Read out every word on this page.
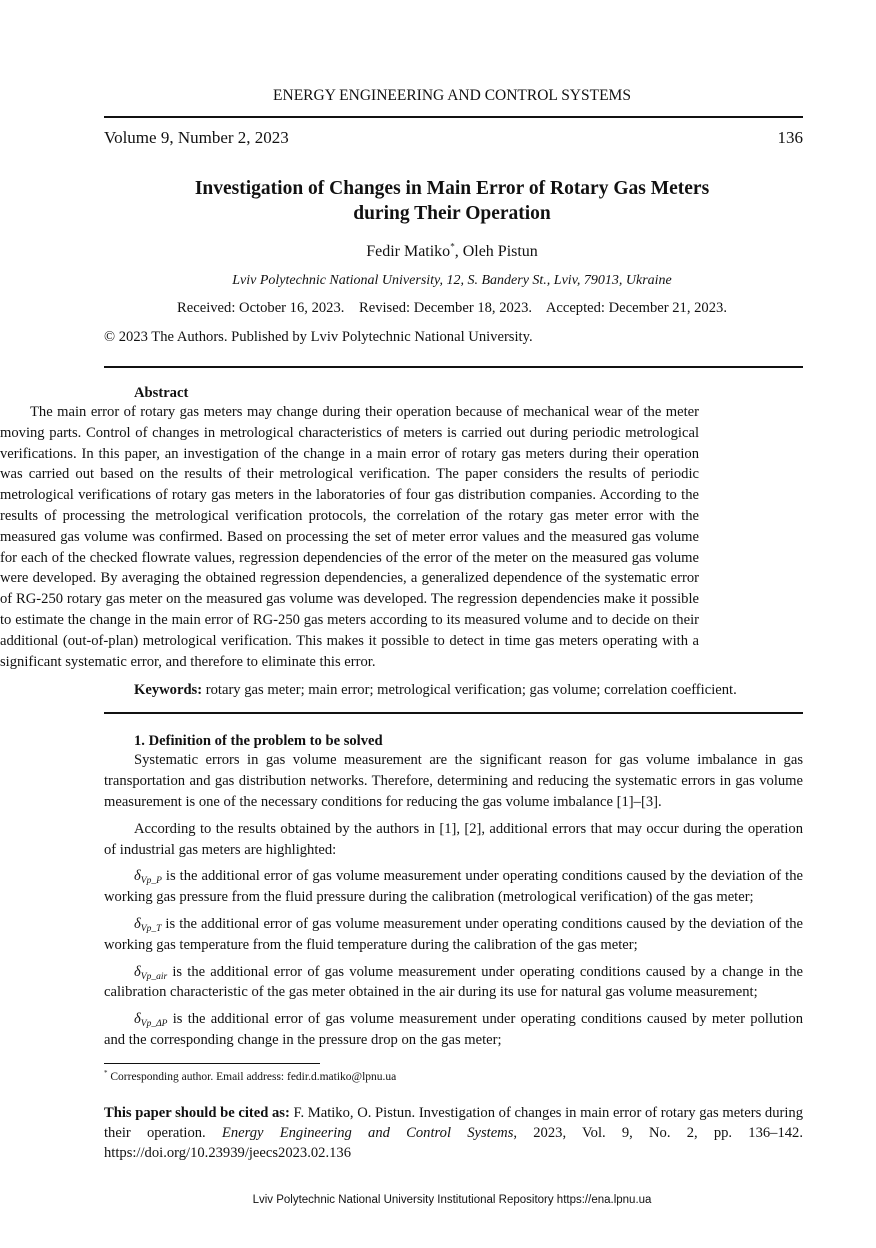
ENERGY ENGINEERING AND CONTROL SYSTEMS
Volume 9, Number 2, 2023	136
Investigation of Changes in Main Error of Rotary Gas Meters
during Their Operation
Fedir Matiko*, Oleh Pistun
Lviv Polytechnic National University, 12, S. Bandery St., Lviv, 79013, Ukraine
Received: October 16, 2023.    Revised: December 18, 2023.    Accepted: December 21, 2023.
© 2023 The Authors. Published by Lviv Polytechnic National University.
Abstract

The main error of rotary gas meters may change during their operation because of mechanical wear of the meter moving parts. Control of changes in metrological characteristics of meters is carried out during periodic metrological verifications. In this paper, an investigation of the change in a main error of rotary gas meters during their operation was carried out based on the results of their metrological verification. The paper considers the results of periodic metrological verifications of rotary gas meters in the laboratories of four gas distribution companies. According to the results of processing the metrological verification protocols, the correlation of the rotary gas meter error with the measured gas volume was confirmed. Based on processing the set of meter error values and the measured gas volume for each of the checked flowrate values, regression dependencies of the error of the meter on the measured gas volume were developed. By averaging the obtained regression dependencies, a generalized dependence of the systematic error of RG-250 rotary gas meter on the measured gas volume was developed. The regression dependencies make it possible to estimate the change in the main error of RG-250 gas meters according to its measured volume and to decide on their additional (out-of-plan) metrological verification. This makes it possible to detect in time gas meters operating with a significant systematic error, and therefore to eliminate this error.

Keywords: rotary gas meter; main error; metrological verification; gas volume; correlation coefficient.
1. Definition of the problem to be solved

Systematic errors in gas volume measurement are the significant reason for gas volume imbalance in gas transportation and gas distribution networks. Therefore, determining and reducing the systematic errors in gas volume measurement is one of the necessary conditions for reducing the gas volume imbalance [1]–[3].

According to the results obtained by the authors in [1], [2], additional errors that may occur during the operation of industrial gas meters are highlighted:

$\delta_{Vp\_P}$ is the additional error of gas volume measurement under operating conditions caused by the deviation of the working gas pressure from the fluid pressure during the calibration (metrological verification) of the gas meter;

$\delta_{Vp\_T}$ is the additional error of gas volume measurement under operating conditions caused by the deviation of the working gas temperature from the fluid temperature during the calibration of the gas meter;

$\delta_{Vp\_air}$ is the additional error of gas volume measurement under operating conditions caused by a change in the calibration characteristic of the gas meter obtained in the air during its use for natural gas volume measurement;

$\delta_{Vp\_\Delta P}$ is the additional error of gas volume measurement under operating conditions caused by meter pollution and the corresponding change in the pressure drop on the gas meter;

* Corresponding author. Email address: fedir.d.matiko@lpnu.ua

This paper should be cited as: F. Matiko, O. Pistun. Investigation of changes in main error of rotary gas meters during their operation. Energy Engineering and Control Systems, 2023, Vol. 9, No. 2, pp. 136–142. https://doi.org/10.23939/jeecs2023.02.136

Lviv Polytechnic National University Institutional Repository https://ena.lpnu.ua
